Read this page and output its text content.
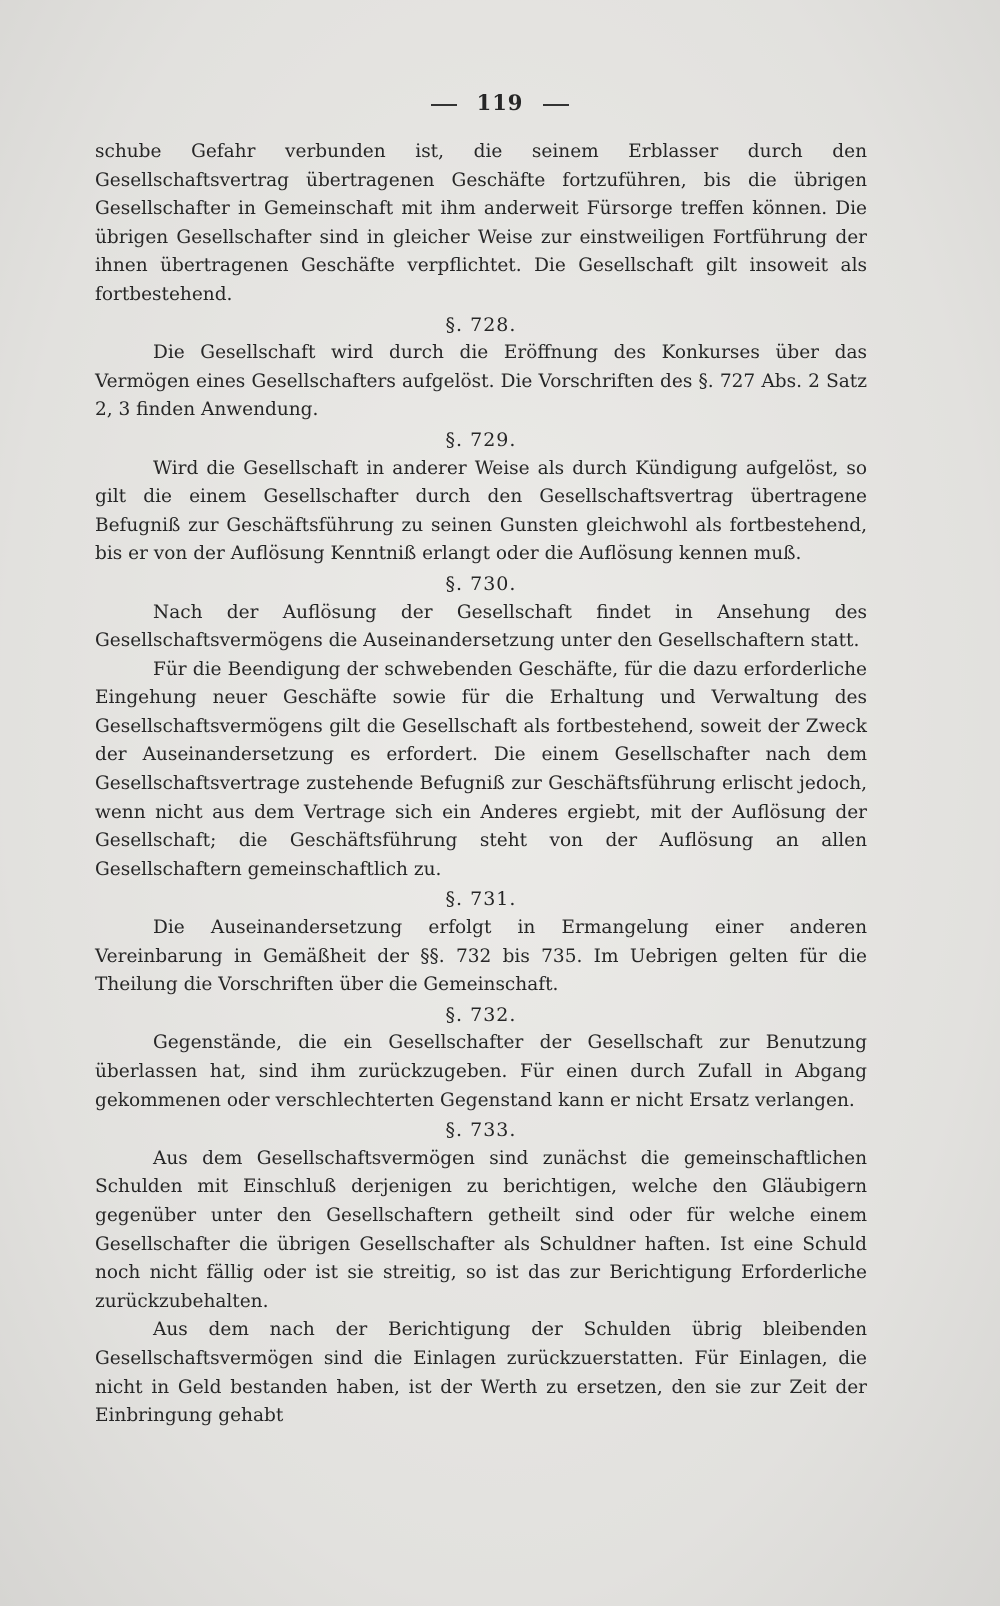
119

schube Gefahr verbunden ist, die seinem Erblasser durch den Gesellschaftsvertrag übertragenen Geschäfte fortzuführen, bis die übrigen Gesellschafter in Gemeinschaft mit ihm anderweit Fürsorge treffen können. Die übrigen Gesellschafter sind in gleicher Weise zur einstweiligen Fortführung der ihnen übertragenen Geschäfte verpflichtet. Die Gesellschaft gilt insoweit als fortbestehend.

§. 728.

Die Gesellschaft wird durch die Eröffnung des Konkurses über das Vermögen eines Gesellschafters aufgelöst. Die Vorschriften des §. 727 Abs. 2 Satz 2, 3 finden Anwendung.

§. 729.

Wird die Gesellschaft in anderer Weise als durch Kündigung aufgelöst, so gilt die einem Gesellschafter durch den Gesellschaftsvertrag übertragene Befugniß zur Geschäftsführung zu seinen Gunsten gleichwohl als fortbestehend, bis er von der Auflösung Kenntniß erlangt oder die Auflösung kennen muß.

§. 730.

Nach der Auflösung der Gesellschaft findet in Ansehung des Gesellschaftsvermögens die Auseinandersetzung unter den Gesellschaftern statt.

Für die Beendigung der schwebenden Geschäfte, für die dazu erforderliche Eingehung neuer Geschäfte sowie für die Erhaltung und Verwaltung des Gesellschaftsvermögens gilt die Gesellschaft als fortbestehend, soweit der Zweck der Auseinandersetzung es erfordert. Die einem Gesellschafter nach dem Gesellschaftsvertrage zustehende Befugniß zur Geschäftsführung erlischt jedoch, wenn nicht aus dem Vertrage sich ein Anderes ergiebt, mit der Auflösung der Gesellschaft; die Geschäftsführung steht von der Auflösung an allen Gesellschaftern gemeinschaftlich zu.

§. 731.

Die Auseinandersetzung erfolgt in Ermangelung einer anderen Vereinbarung in Gemäßheit der §§. 732 bis 735. Im Uebrigen gelten für die Theilung die Vorschriften über die Gemeinschaft.

§. 732.

Gegenstände, die ein Gesellschafter der Gesellschaft zur Benutzung überlassen hat, sind ihm zurückzugeben. Für einen durch Zufall in Abgang gekommenen oder verschlechterten Gegenstand kann er nicht Ersatz verlangen.

§. 733.

Aus dem Gesellschaftsvermögen sind zunächst die gemeinschaftlichen Schulden mit Einschluß derjenigen zu berichtigen, welche den Gläubigern gegenüber unter den Gesellschaftern getheilt sind oder für welche einem Gesellschafter die übrigen Gesellschafter als Schuldner haften. Ist eine Schuld noch nicht fällig oder ist sie streitig, so ist das zur Berichtigung Erforderliche zurückzubehalten.

Aus dem nach der Berichtigung der Schulden übrig bleibenden Gesellschaftsvermögen sind die Einlagen zurückzuerstatten. Für Einlagen, die nicht in Geld bestanden haben, ist der Werth zu ersetzen, den sie zur Zeit der Einbringung gehabt
